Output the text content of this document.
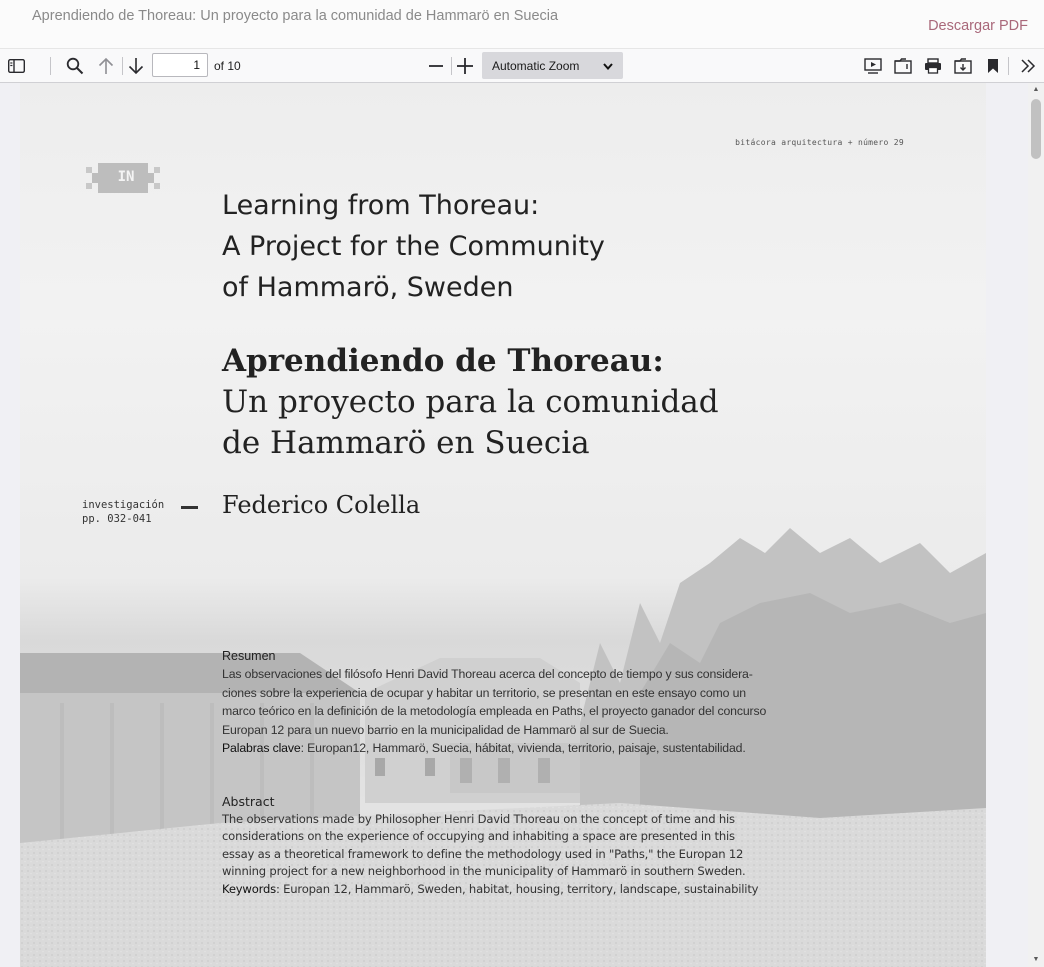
Aprendiendo de Thoreau: Un proyecto para la comunidad de Hammarö en Suecia
Descargar PDF
1
of 10	Automatic Zoom
bitácora arquitectura + número 29
IN
Learning from Thoreau:
A Project for the Community
of Hammarö, Sweden
Aprendiendo de Thoreau:
Un proyecto para la comunidad
de Hammarö en Suecia
investigación
pp. 032-041	Federico Colella
Resumen
Las observaciones del filósofo Henri David Thoreau acerca del concepto de tiempo y sus considera-ciones sobre la experiencia de ocupar y habitar un territorio, se presentan en este ensayo como un marco teórico en la definición de la metodología empleada en Paths, el proyecto ganador del concurso Europan 12 para un nuevo barrio en la municipalidad de Hammarö al sur de Suecia.
Palabras clave: Europan12, Hammarö, Suecia, hábitat, vivienda, territorio, paisaje, sustentabilidad.
Abstract
The observations made by Philosopher Henri David Thoreau on the concept of time and his considerations on the experience of occupying and inhabiting a space are presented in this essay as a theoretical framework to define the methodology used in "Paths," the Europan 12 winning project for a new neighborhood in the municipality of Hammarö in southern Sweden.
Keywords: Europan 12, Hammarö, Sweden, habitat, housing, territory, landscape, sustainability
▲
▼
